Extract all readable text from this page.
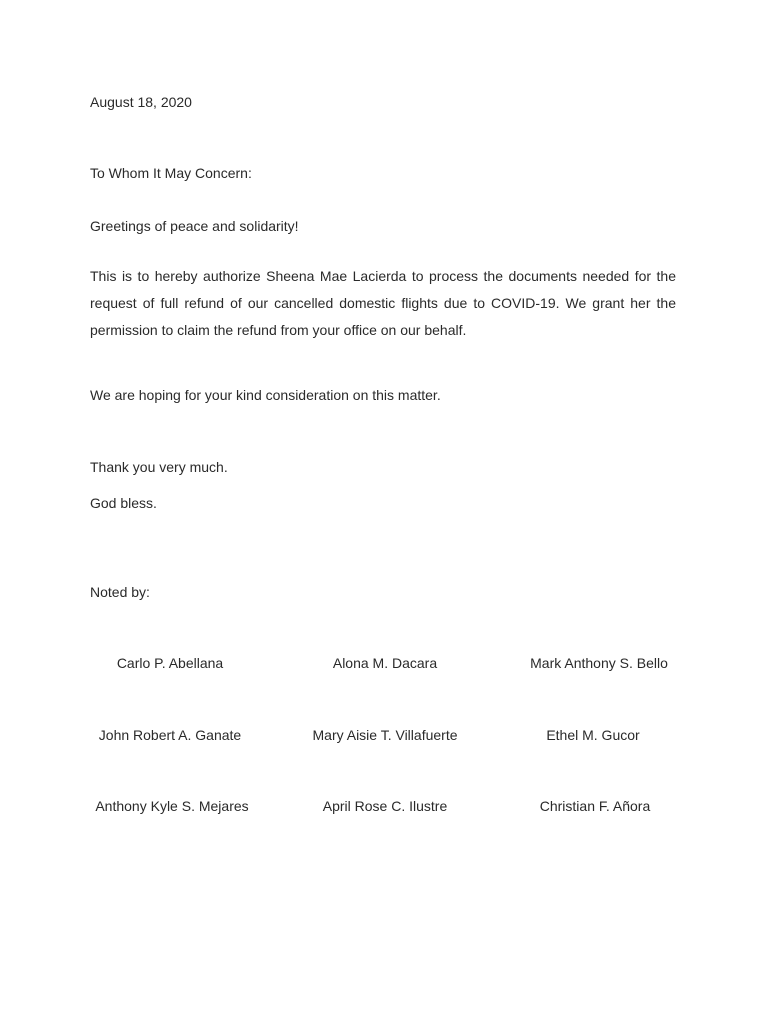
August 18, 2020

To Whom It May Concern:

Greetings of peace and solidarity!

This is to hereby authorize Sheena Mae Lacierda to process the documents needed for the request of full refund of our cancelled domestic flights due to COVID-19. We grant her the permission to claim the refund from your office on our behalf.

We are hoping for your kind consideration on this matter.

Thank you very much.

God bless.

Noted by:

Carlo P. Abellana	Alona M. Dacara	Mark Anthony S. Bello
John Robert A. Ganate	Mary Aisie T. Villafuerte	Ethel M. Gucor
Anthony Kyle S. Mejares	April Rose C. Ilustre	Christian F. Añora
